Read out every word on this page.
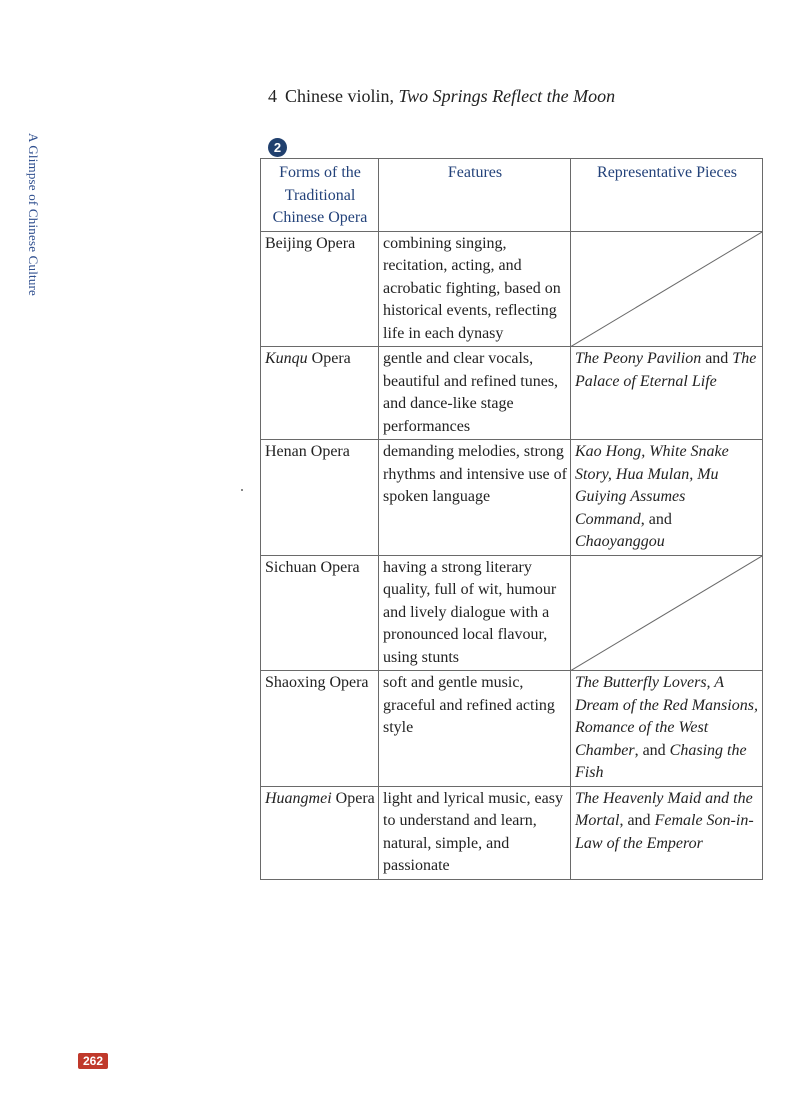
A Glimpse of Chinese Culture
4 Chinese violin, Two Springs Reflect the Moon
2
Forms of the Traditional Chinese Opera	Features	Representative Pieces
Beijing Opera	combining singing, recitation, acting, and acrobatic fighting, based on historical events, reflecting life in each dynasy	

Kunqu Opera	gentle and clear vocals, beautiful and refined tunes, and dance-like stage performances	The Peony Pavilion and The Palace of Eternal Life
Henan Opera	demanding melodies, strong rhythms and intensive use of spoken language	Kao Hong, White Snake Story, Hua Mulan, Mu Guiying Assumes Command, and Chaoyanggou
Sichuan Opera	having a strong literary quality, full of wit, humour and lively dialogue with a pronounced local flavour, using stunts	

Shaoxing Opera	soft and gentle music, graceful and refined acting style	The Butterfly Lovers, A Dream of the Red Mansions, Romance of the West Chamber, and Chasing the Fish
Huangmei Opera	light and lyrical music, easy to understand and learn, natural, simple, and passionate	The Heavenly Maid and the Mortal, and Female Son-in-Law of the Emperor
262
